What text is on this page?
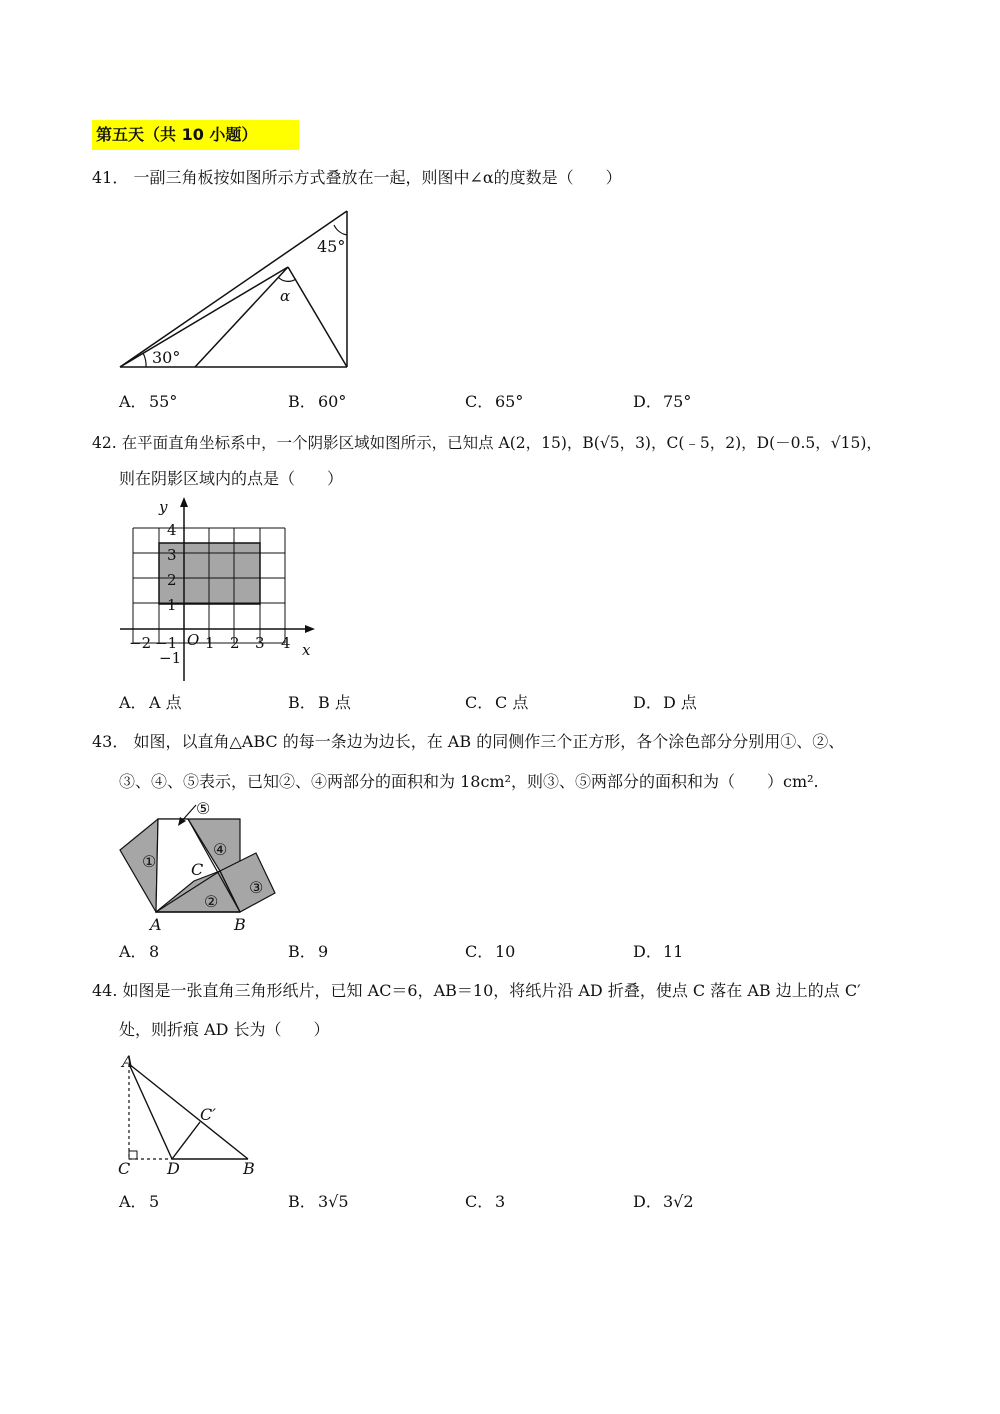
第五天（共 10 小题）
41． 一副三角板按如图所示方式叠放在一起，则图中∠α的度数是（　　）
45°
α
30°
A． 55°	B． 60°	C． 65°	D．75°
42. 在平面直角坐标系中，一个阴影区域如图所示，已知点 A(2，15)，B(√5，3)，C(﹣5，2)，D(－0.5，√15)，
则在阴影区域内的点是（　　）
y
x
O
4
3
2
1
−1
−2 −1 1 2 3 4
A． A 点	B． B 点	C． C 点	D．D 点
43． 如图，以直角△ABC 的每一条边为边长，在 AB 的同侧作三个正方形，各个涂色部分分别用①、②、
③、④、⑤表示，已知②、④两部分的面积和为 18cm²，则③、⑤两部分的面积和为（　　）cm².
①
②
③
④
⑤
C
A	B
A． 8	B． 9	C． 10	D．11
44. 如图是一张直角三角形纸片，已知 AC＝6，AB＝10，将纸片沿 AD 折叠，使点 C 落在 AB 边上的点 C′
处，则折痕 AD 长为（　　）
A
C′
C D	B
A． 5	B． 3√5	C． 3	D．3√2
